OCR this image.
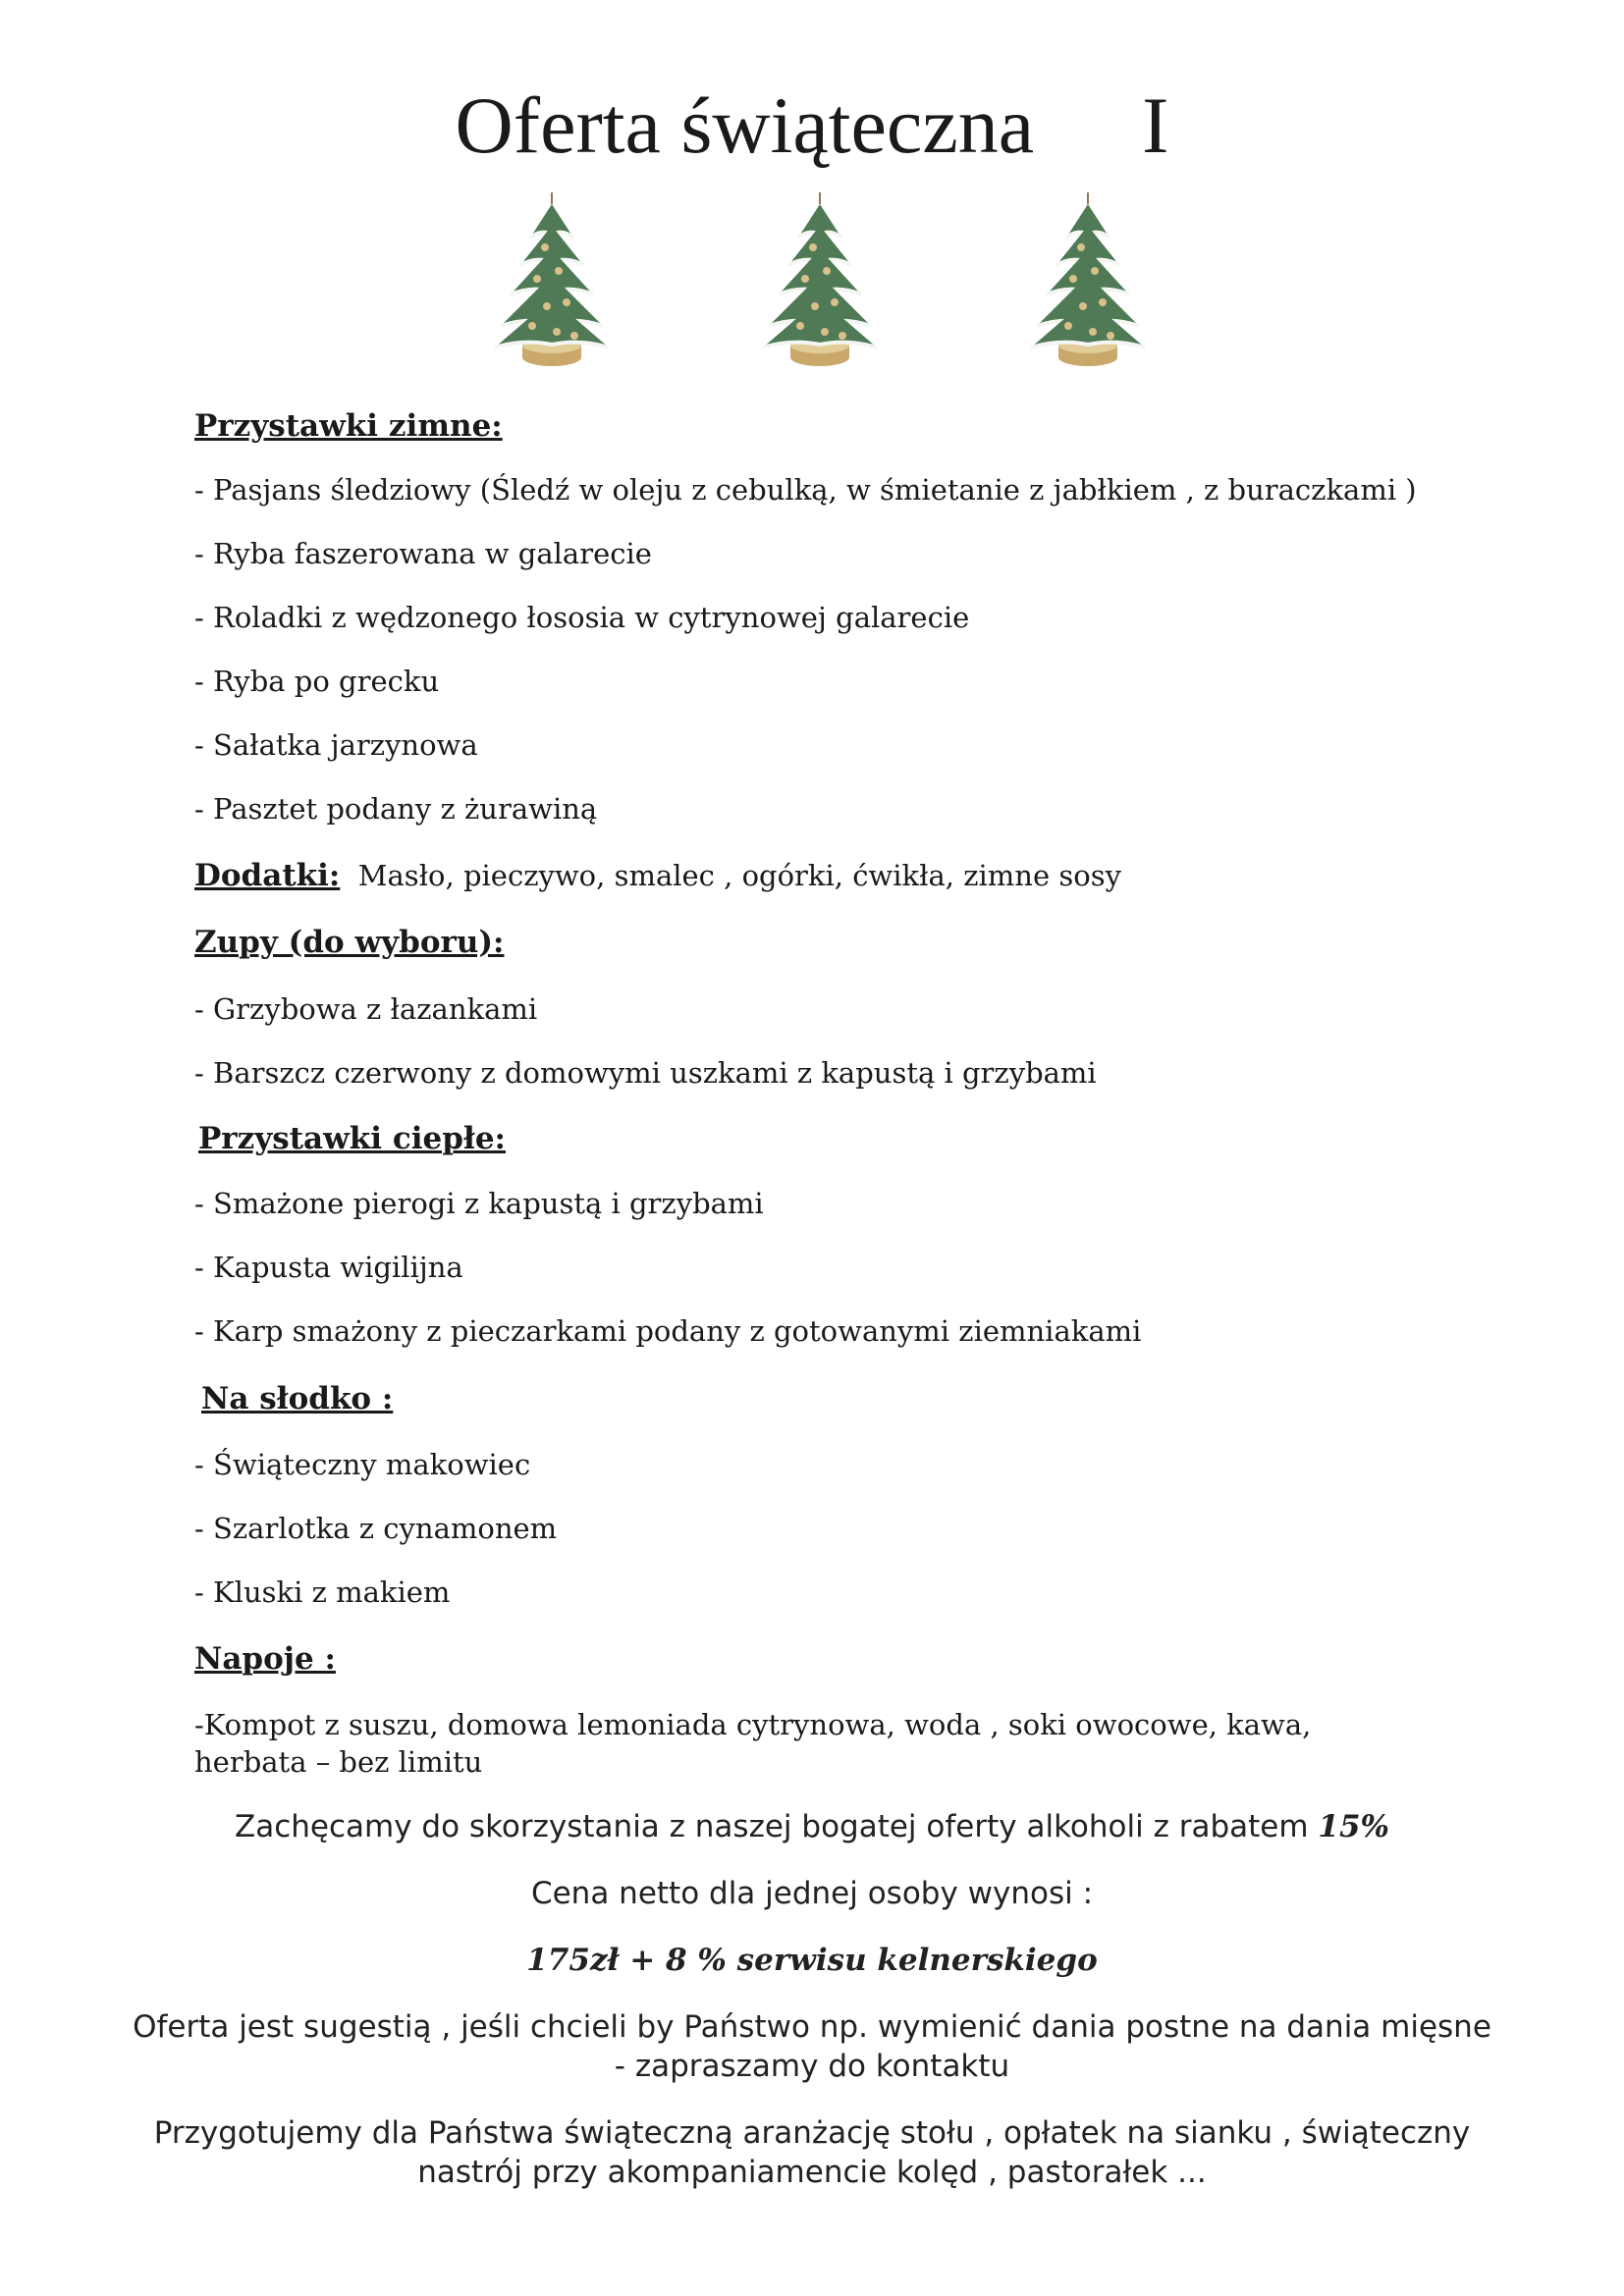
Oferta świąteczna I
Przystawki zimne:
- Pasjans śledziowy (Śledź w oleju z cebulką, w śmietanie z jabłkiem , z buraczkami )
- Ryba faszerowana w galarecie
- Roladki z wędzonego łososia w cytrynowej galarecie
- Ryba po grecku
- Sałatka jarzynowa
- Pasztet podany z żurawiną
Dodatki: Masło, pieczywo, smalec , ogórki, ćwikła, zimne sosy
Zupy (do wyboru):
- Grzybowa z łazankami
- Barszcz czerwony z domowymi uszkami z kapustą i grzybami
Przystawki ciepłe:
- Smażone pierogi z kapustą i grzybami
- Kapusta wigilijna
- Karp smażony z pieczarkami podany z gotowanymi ziemniakami
Na słodko :
- Świąteczny makowiec
- Szarlotka z cynamonem
- Kluski z makiem
Napoje :
-Kompot z suszu, domowa lemoniada cytrynowa, woda , soki owocowe, kawa, herbata – bez limitu
Zachęcamy do skorzystania z naszej bogatej oferty alkoholi z rabatem 15%
Cena netto dla jednej osoby wynosi :
175zł + 8 % serwisu kelnerskiego
Oferta jest sugestią , jeśli chcieli by Państwo np. wymienić dania postne na dania mięsne
- zapraszamy do kontaktu
Przygotujemy dla Państwa świąteczną aranżację stołu , opłatek na sianku , świąteczny
nastrój przy akompaniamencie kolęd , pastorałek ...
